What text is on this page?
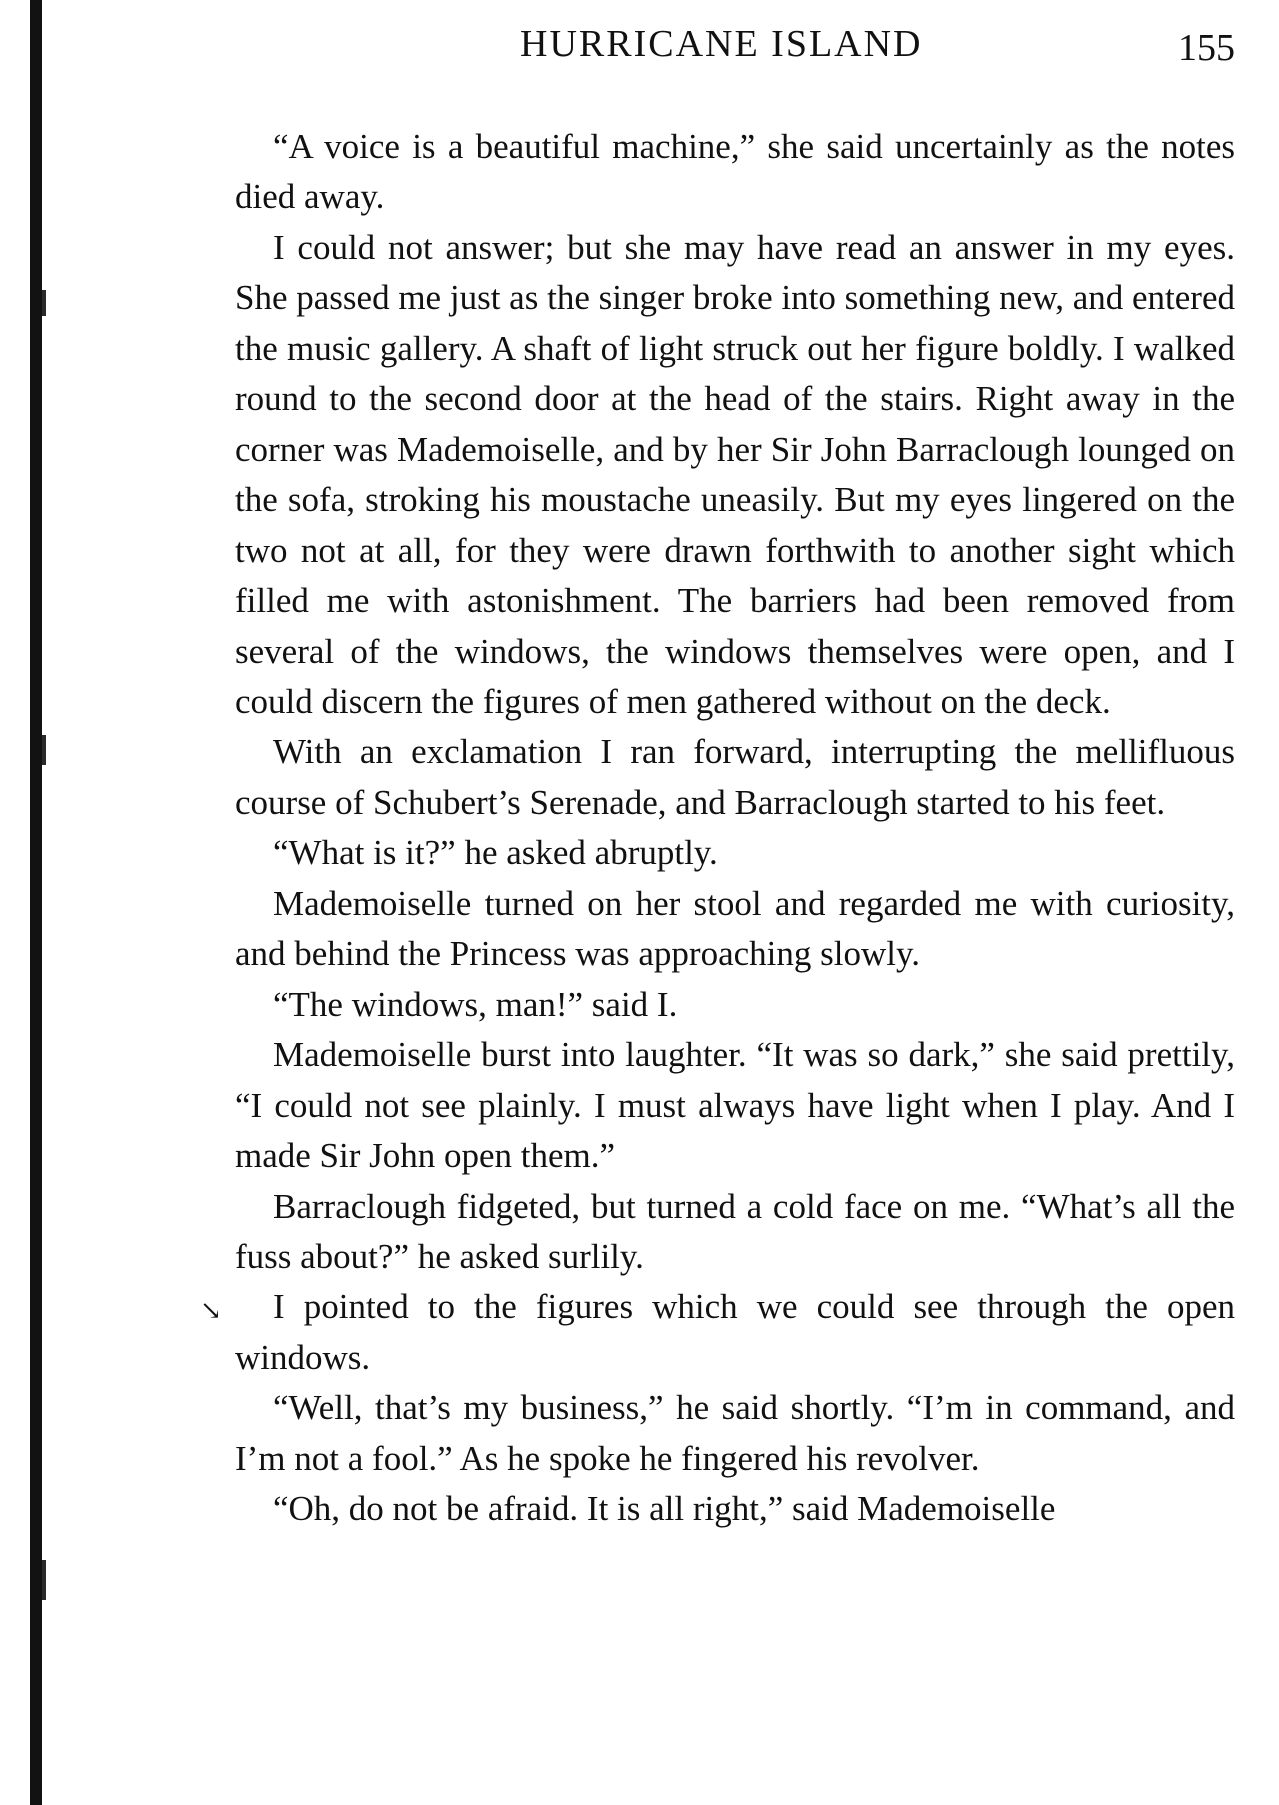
HURRICANE ISLAND	155
↘

“A voice is a beautiful machine,” she said uncertainly as the notes died away.

I could not answer; but she may have read an answer in my eyes. She passed me just as the singer broke into something new, and entered the music gallery. A shaft of light struck out her figure boldly. I walked round to the second door at the head of the stairs. Right away in the corner was Mademoiselle, and by her Sir John Barraclough lounged on the sofa, stroking his moustache uneasily. But my eyes lingered on the two not at all, for they were drawn forthwith to another sight which filled me with astonishment. The barriers had been removed from several of the windows, the windows themselves were open, and I could discern the figures of men gathered without on the deck.

With an exclamation I ran forward, interrupting the mellifluous course of Schubert’s Serenade, and Barraclough started to his feet.

“What is it?” he asked abruptly.

Mademoiselle turned on her stool and regarded me with curiosity, and behind the Princess was approaching slowly.

“The windows, man!” said I.

Mademoiselle burst into laughter. “It was so dark,” she said prettily, “I could not see plainly. I must always have light when I play. And I made Sir John open them.”

Barraclough fidgeted, but turned a cold face on me. “What’s all the fuss about?” he asked surlily.

I pointed to the figures which we could see through the open windows.

“Well, that’s my business,” he said shortly. “I’m in command, and I’m not a fool.” As he spoke he fingered his revolver.

“Oh, do not be afraid. It is all right,” said Mademoiselle
